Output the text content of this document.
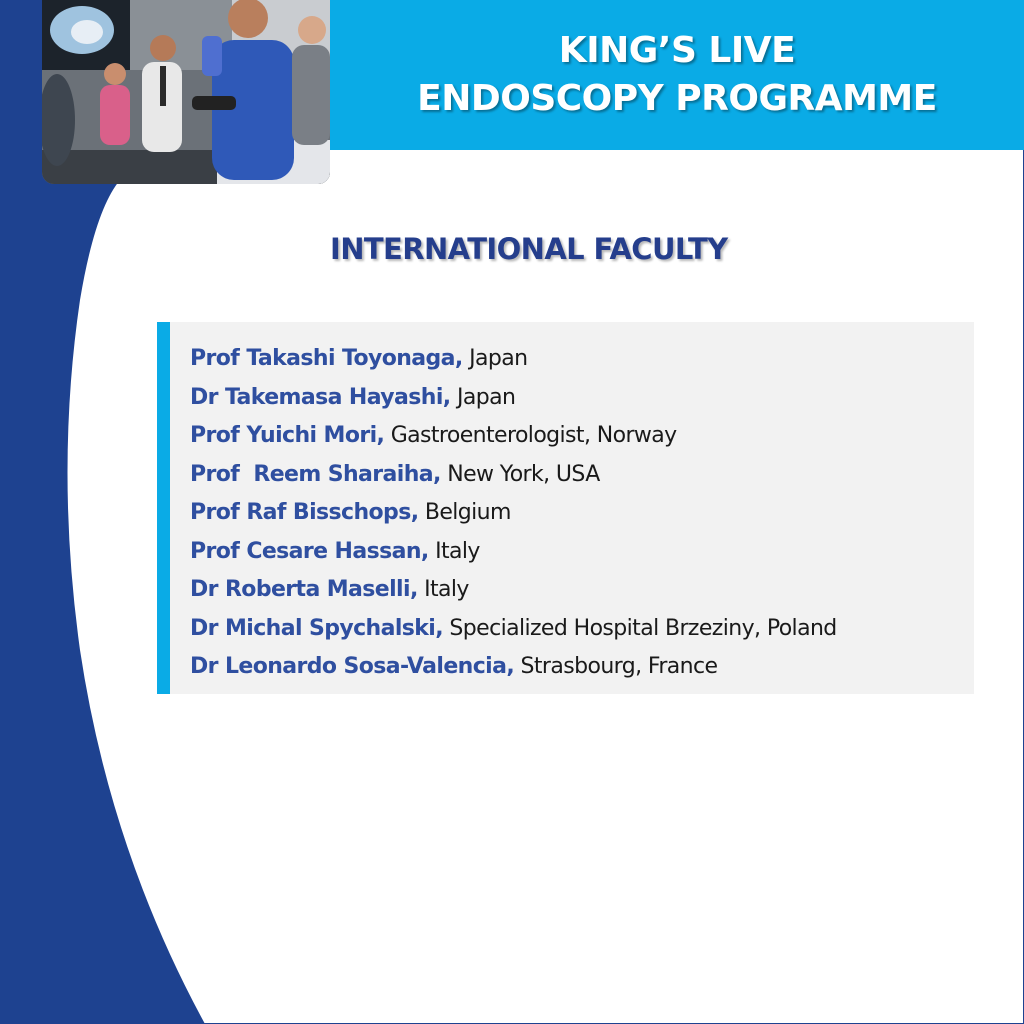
KING’S LIVE
ENDOSCOPY PROGRAMME
INTERNATIONAL FACULTY
Prof Takashi Toyonaga, Japan
Dr Takemasa Hayashi, Japan
Prof Yuichi Mori, Gastroenterologist, Norway
Prof  Reem Sharaiha, New York, USA
Prof Raf Bisschops, Belgium
Prof Cesare Hassan, Italy
Dr Roberta Maselli, Italy
Dr Michal Spychalski, Specialized Hospital Brzeziny, Poland
Dr Leonardo Sosa-Valencia, Strasbourg, France
